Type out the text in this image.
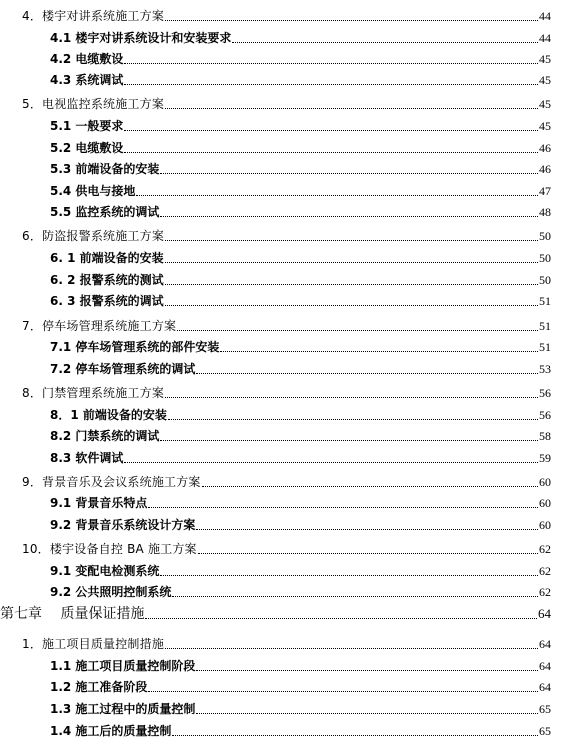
4．楼宇对讲系统施工方案	44
4.1 楼宇对讲系统设计和安装要求	44
4.2 电缆敷设	45
4.3 系统调试	45
5．电视监控系统施工方案	45
5.1 一般要求	45
5.2 电缆敷设	46
5.3 前端设备的安装	46
5.4 供电与接地	47
5.5 监控系统的调试	48
6．防盗报警系统施工方案	50
6. 1 前端设备的安装	50
6. 2 报警系统的测试	50
6. 3 报警系统的调试	51
7．停车场管理系统施工方案	51
7.1 停车场管理系统的部件安装	51
7.2 停车场管理系统的调试	53
8．门禁管理系统施工方案	56
8．1 前端设备的安装	56
8.2 门禁系统的调试	58
8.3 软件调试	59
9．背景音乐及会议系统施工方案	60
9.1 背景音乐特点	60
9.2 背景音乐系统设计方案	60
10．楼宇设备自控 BA 施工方案	62
9.1 变配电检测系统	62
9.2 公共照明控制系统	62
第七章　 质量保证措施	64
1．施工项目质量控制措施	64
1.1 施工项目质量控制阶段	64
1.2 施工准备阶段	64
1.3 施工过程中的质量控制	65
1.4 施工后的质量控制	65
